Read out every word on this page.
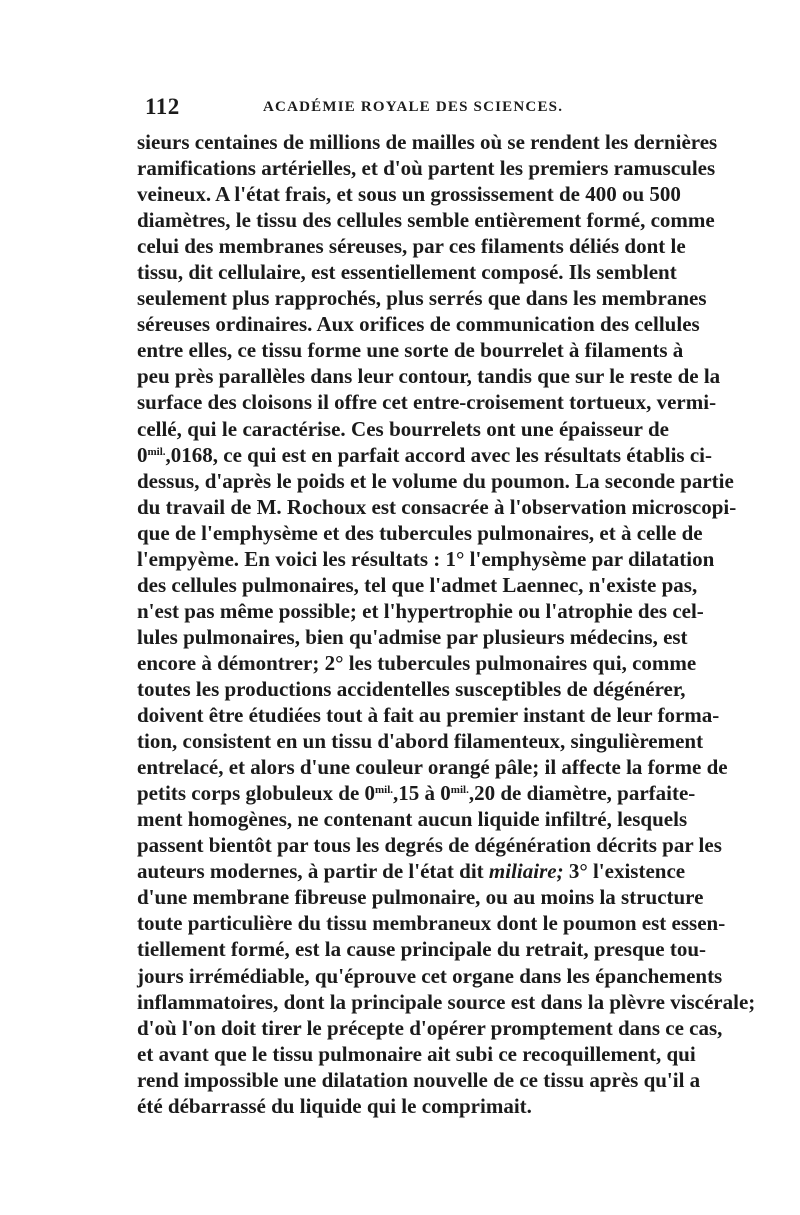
112	ACADÉMIE ROYALE DES SCIENCES.
sieurs centaines de millions de mailles où se rendent les dernières
ramifications artérielles, et d'où partent les premiers ramuscules
veineux. A l'état frais, et sous un grossissement de 400 ou 500
diamètres, le tissu des cellules semble entièrement formé, comme
celui des membranes séreuses, par ces filaments déliés dont le
tissu, dit cellulaire, est essentiellement composé. Ils semblent
seulement plus rapprochés, plus serrés que dans les membranes
séreuses ordinaires. Aux orifices de communication des cellules
entre elles, ce tissu forme une sorte de bourrelet à filaments à
peu près parallèles dans leur contour, tandis que sur le reste de la
surface des cloisons il offre cet entre-croisement tortueux, vermi-
cellé, qui le caractérise. Ces bourrelets ont une épaisseur de
$0^{mil.},0168$, ce qui est en parfait accord avec les résultats établis ci-
dessus, d'après le poids et le volume du poumon. La seconde partie
du travail de M. Rochoux est consacrée à l'observation microscopi-
que de l'emphysème et des tubercules pulmonaires, et à celle de
l'empyème. En voici les résultats : 1° l'emphysème par dilatation
des cellules pulmonaires, tel que l'admet Laennec, n'existe pas,
n'est pas même possible; et l'hypertrophie ou l'atrophie des cel-
lules pulmonaires, bien qu'admise par plusieurs médecins, est
encore à démontrer; 2° les tubercules pulmonaires qui, comme
toutes les productions accidentelles susceptibles de dégénérer,
doivent être étudiées tout à fait au premier instant de leur forma-
tion, consistent en un tissu d'abord filamenteux, singulièrement
entrelacé, et alors d'une couleur orangé pâle; il affecte la forme de
petits corps globuleux de $0^{mil.},15$ à $0^{mil.},20$ de diamètre, parfaite-
ment homogènes, ne contenant aucun liquide infiltré, lesquels
passent bientôt par tous les degrés de dégénération décrits par les
auteurs modernes, à partir de l'état dit miliaire; 3° l'existence
d'une membrane fibreuse pulmonaire, ou au moins la structure
toute particulière du tissu membraneux dont le poumon est essen-
tiellement formé, est la cause principale du retrait, presque tou-
jours irrémédiable, qu'éprouve cet organe dans les épanchements
inflammatoires, dont la principale source est dans la plèvre viscérale;
d'où l'on doit tirer le précepte d'opérer promptement dans ce cas,
et avant que le tissu pulmonaire ait subi ce recoquillement, qui
rend impossible une dilatation nouvelle de ce tissu après qu'il a
été débarrassé du liquide qui le comprimait.
